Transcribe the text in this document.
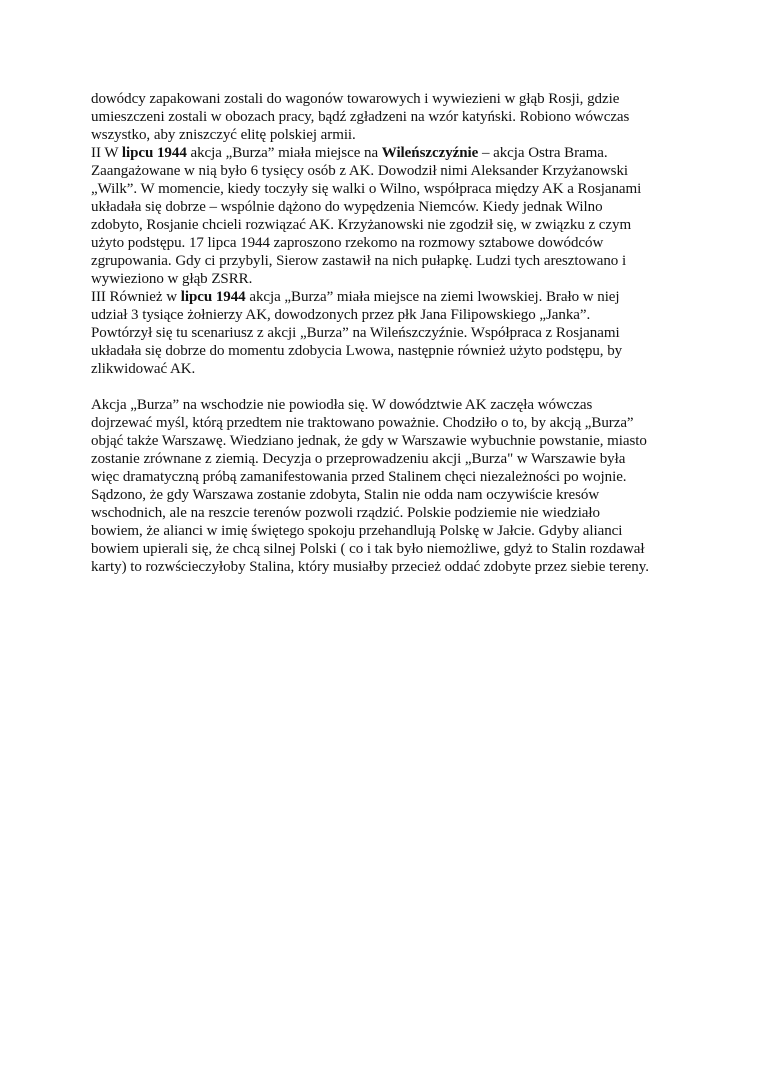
dowódcy zapakowani zostali do wagonów towarowych i wywiezieni w głąb Rosji, gdzie
umieszczeni zostali w obozach pracy, bądź zgładzeni na wzór katyński. Robiono wówczas
wszystko, aby zniszczyć elitę polskiej armii.
II W lipcu 1944 akcja „Burza” miała miejsce na Wileńszczyźnie – akcja Ostra Brama.
Zaangażowane w nią było 6 tysięcy osób z AK. Dowodził nimi Aleksander Krzyżanowski
„Wilk”. W momencie, kiedy toczyły się walki o Wilno, współpraca między AK a Rosjanami
układała się dobrze – wspólnie dążono do wypędzenia Niemców. Kiedy jednak Wilno
zdobyto, Rosjanie chcieli rozwiązać AK. Krzyżanowski nie zgodził się, w związku z czym
użyto podstępu. 17 lipca 1944 zaproszono rzekomo na rozmowy sztabowe dowódców
zgrupowania. Gdy ci przybyli, Sierow zastawił na nich pułapkę. Ludzi tych aresztowano i
wywieziono w głąb ZSRR.
III Również w lipcu 1944 akcja „Burza” miała miejsce na ziemi lwowskiej. Brało w niej
udział 3 tysiące żołnierzy AK, dowodzonych przez płk Jana Filipowskiego „Janka”.
Powtórzył się tu scenariusz z akcji „Burza” na Wileńszczyźnie. Współpraca z Rosjanami
układała się dobrze do momentu zdobycia Lwowa, następnie również użyto podstępu, by
zlikwidować AK.
Akcja „Burza” na wschodzie nie powiodła się. W dowództwie AK zaczęła wówczas
dojrzewać myśl, którą przedtem nie traktowano poważnie. Chodziło o to, by akcją „Burza”
objąć także Warszawę. Wiedziano jednak, że gdy w Warszawie wybuchnie powstanie, miasto
zostanie zrównane z ziemią. Decyzja o przeprowadzeniu akcji „Burza" w Warszawie była
więc dramatyczną próbą zamanifestowania przed Stalinem chęci niezależności po wojnie.
Sądzono, że gdy Warszawa zostanie zdobyta, Stalin nie odda nam oczywiście kresów
wschodnich, ale na reszcie terenów pozwoli rządzić. Polskie podziemie nie wiedziało
bowiem, że alianci w imię świętego spokoju przehandlują Polskę w Jałcie. Gdyby alianci
bowiem upierali się, że chcą silnej Polski ( co i tak było niemożliwe, gdyż to Stalin rozdawał
karty) to rozwścieczyłoby Stalina, który musiałby przecież oddać zdobyte przez siebie tereny.
